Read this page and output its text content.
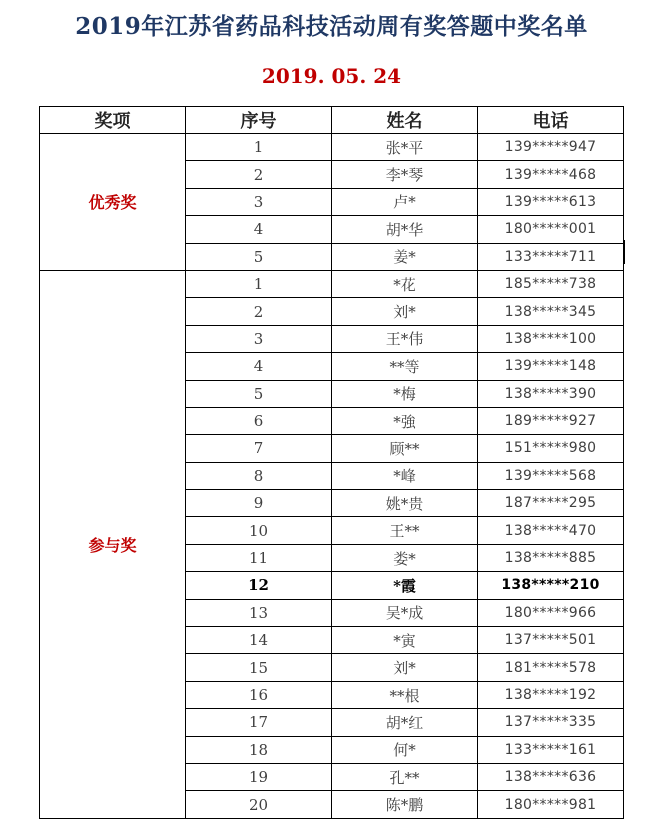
2019年江苏省药品科技活动周有奖答题中奖名单
2019. 05. 24
奖项	序号	姓名	电话
优秀奖	1	张*平	139*****947
	2	李*琴	139*****468
	3	卢*	139*****613
	4	胡*华	180*****001
	5	姜*	133*****711
参与奖	1	*花	185*****738
	2	刘*	138*****345
	3	王*伟	138*****100
	4	**等	139*****148
	5	*梅	138*****390
	6	*強	189*****927
	7	顾**	151*****980
	8	*峰	139*****568
	9	姚*贵	187*****295
	10	王**	138*****470
	11	娄*	138*****885
	12	*霞	138*****210
	13	吴*成	180*****966
	14	*寅	137*****501
	15	刘*	181*****578
	16	**根	138*****192
	17	胡*红	137*****335
	18	何*	133*****161
	19	孔**	138*****636
	20	陈*鹏	180*****981
